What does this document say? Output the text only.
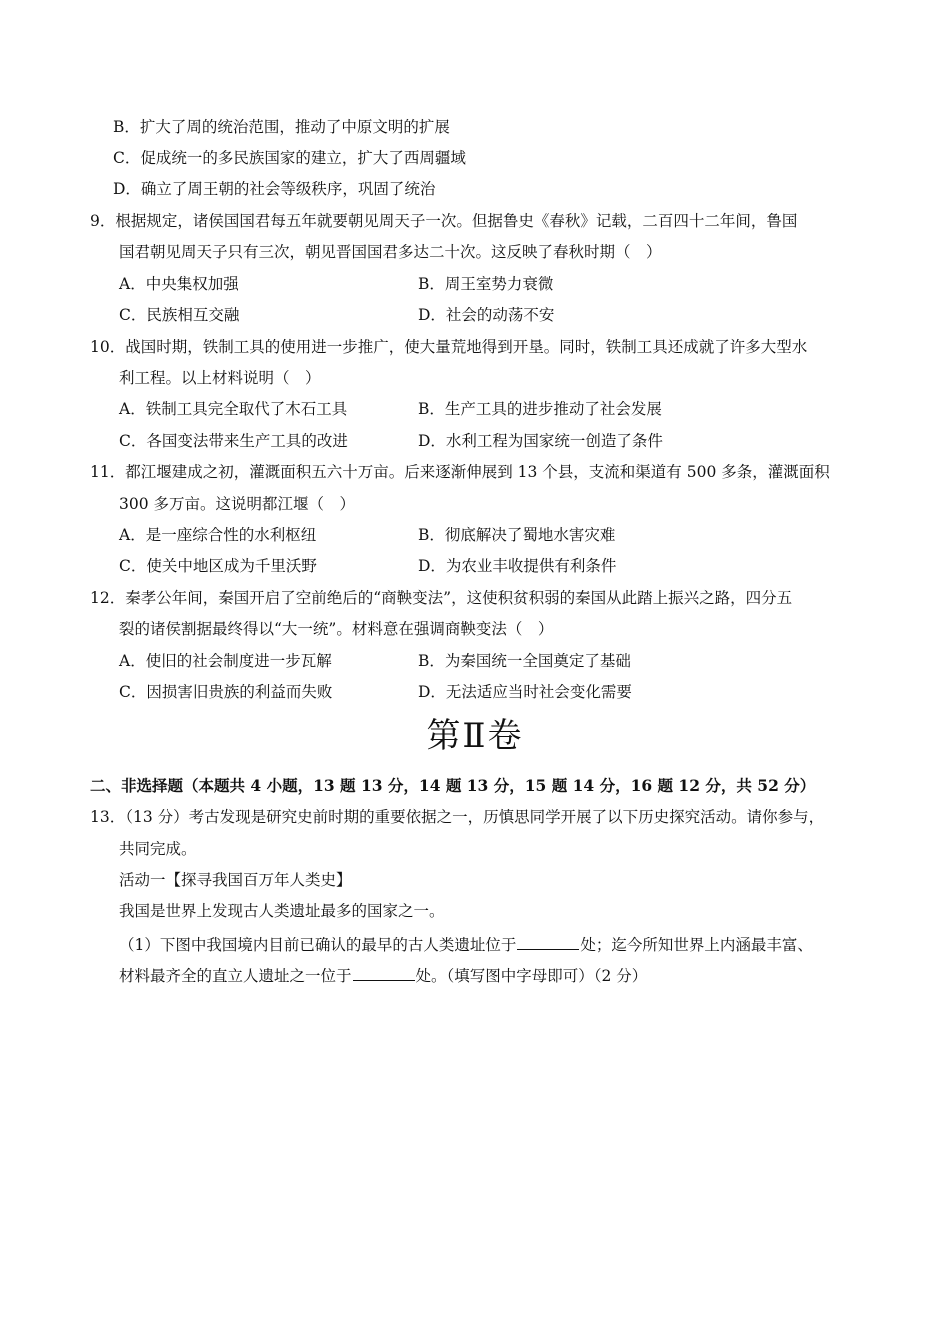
B．扩大了周的统治范围，推动了中原文明的扩展
C．促成统一的多民族国家的建立，扩大了西周疆域
D．确立了周王朝的社会等级秩序，巩固了统治
9．根据规定，诸侯国国君每五年就要朝见周天子一次。但据鲁史《春秋》记载，二百四十二年间，鲁国
国君朝见周天子只有三次，朝见晋国国君多达二十次。这反映了春秋时期（　）
A．中央集权加强	B．周王室势力衰微
C．民族相互交融	D．社会的动荡不安
10．战国时期，铁制工具的使用进一步推广，使大量荒地得到开垦。同时，铁制工具还成就了许多大型水
利工程。以上材料说明（　）
A．铁制工具完全取代了木石工具	B．生产工具的进步推动了社会发展
C．各国变法带来生产工具的改进	D．水利工程为国家统一创造了条件
11．都江堰建成之初，灌溉面积五六十万亩。后来逐渐伸展到 13 个县，支流和渠道有 500 多条，灌溉面积
300 多万亩。这说明都江堰（　）
A．是一座综合性的水利枢纽	B．彻底解决了蜀地水害灾难
C．使关中地区成为千里沃野	D．为农业丰收提供有利条件
12．秦孝公年间，秦国开启了空前绝后的“商鞅变法”，这使积贫积弱的秦国从此踏上振兴之路，四分五
裂的诸侯割据最终得以“大一统”。材料意在强调商鞅变法（　）
A．使旧的社会制度进一步瓦解	B．为秦国统一全国奠定了基础
C．因损害旧贵族的利益而失败	D．无法适应当时社会变化需要
第Ⅱ卷
二、非选择题（本题共 4 小题，13 题 13 分，14 题 13 分，15 题 14 分，16 题 12 分，共 52 分）
13．（13 分）考古发现是研究史前时期的重要依据之一，历慎思同学开展了以下历史探究活动。请你参与，
共同完成。
活动一【探寻我国百万年人类史】
我国是世界上发现古人类遗址最多的国家之一。
（1）下图中我国境内目前已确认的最早的古人类遗址位于	处；迄今所知世界上内涵最丰富、
材料最齐全的直立人遗址之一位于	处。（填写图中字母即可）（2 分）
